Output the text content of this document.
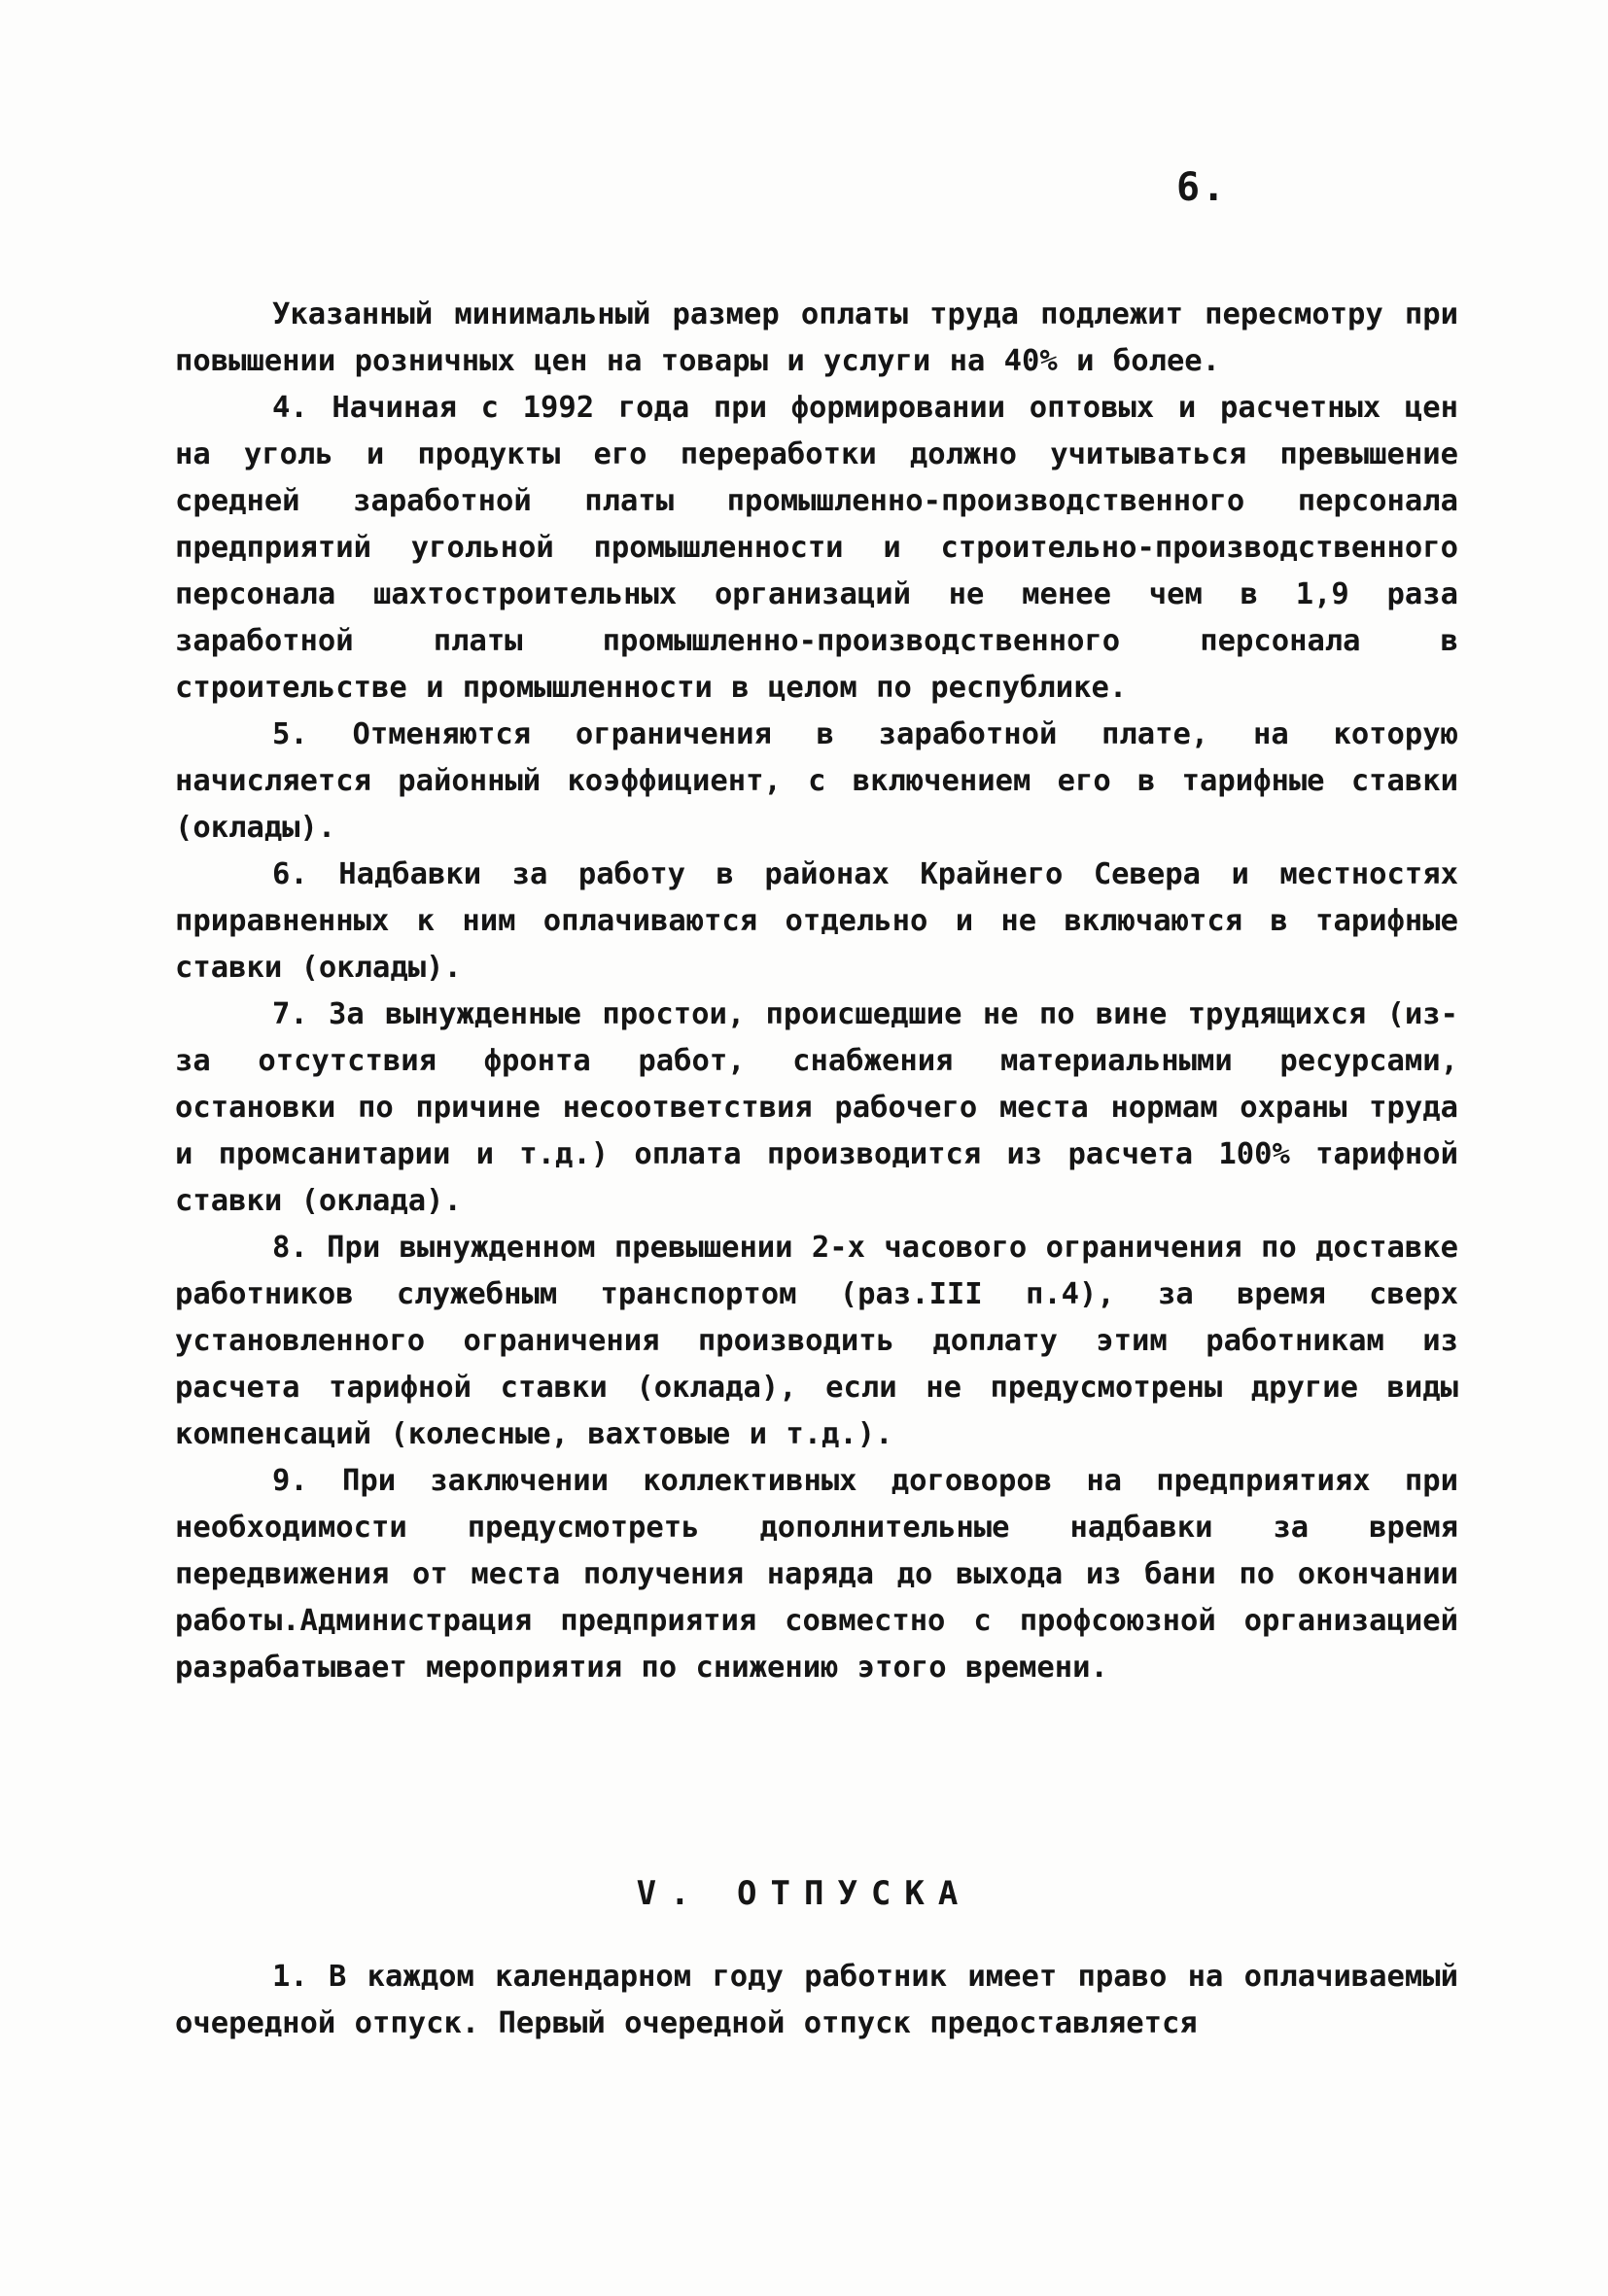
6.

Указанный минимальный размер оплаты труда подлежит пересмотру при повышении розничных цен на товары и услуги на 40% и более.

4. Начиная с 1992 года при формировании оптовых и расчетных цен на уголь и продукты его переработки должно учитываться превышение средней заработной платы промышленно-производственного персонала предприятий угольной промышленности и строительно-производственного персонала шахтостроительных организаций не менее чем в 1,9 раза заработной платы промышленно-производственного персонала в строительстве и промышленности в целом по республике.

5. Отменяются ограничения в заработной плате, на которую начисляется районный коэффициент, с включением его в тарифные ставки (оклады).

6. Надбавки за работу в районах Крайнего Севера и местностях приравненных к ним оплачиваются отдельно и не включаются в тарифные ставки (оклады).

7. За вынужденные простои, происшедшие не по вине трудящихся (из-за отсутствия фронта работ, снабжения материальными ресурсами, остановки по причине несоответствия рабочего места нормам охраны труда и промсанитарии и т.д.) оплата производится из расчета 100% тарифной ставки (оклада).

8. При вынужденном превышении 2-х часового ограничения по доставке работников служебным транспортом (раз.III п.4), за время сверх установленного ограничения производить доплату этим работникам из расчета тарифной ставки (оклада), если не предусмотрены другие виды компенсаций (колесные, вахтовые и т.д.).

9. При заключении коллективных договоров на предприятиях при необходимости предусмотреть дополнительные надбавки за время передвижения от места получения наряда до выхода из бани по окончании работы.Администрация предприятия совместно с профсоюзной организацией разрабатывает мероприятия по снижению этого времени.

V. ОТПУСКА

1. В каждом календарном году работник имеет право на оплачиваемый очередной отпуск. Первый очередной отпуск предоставляется
